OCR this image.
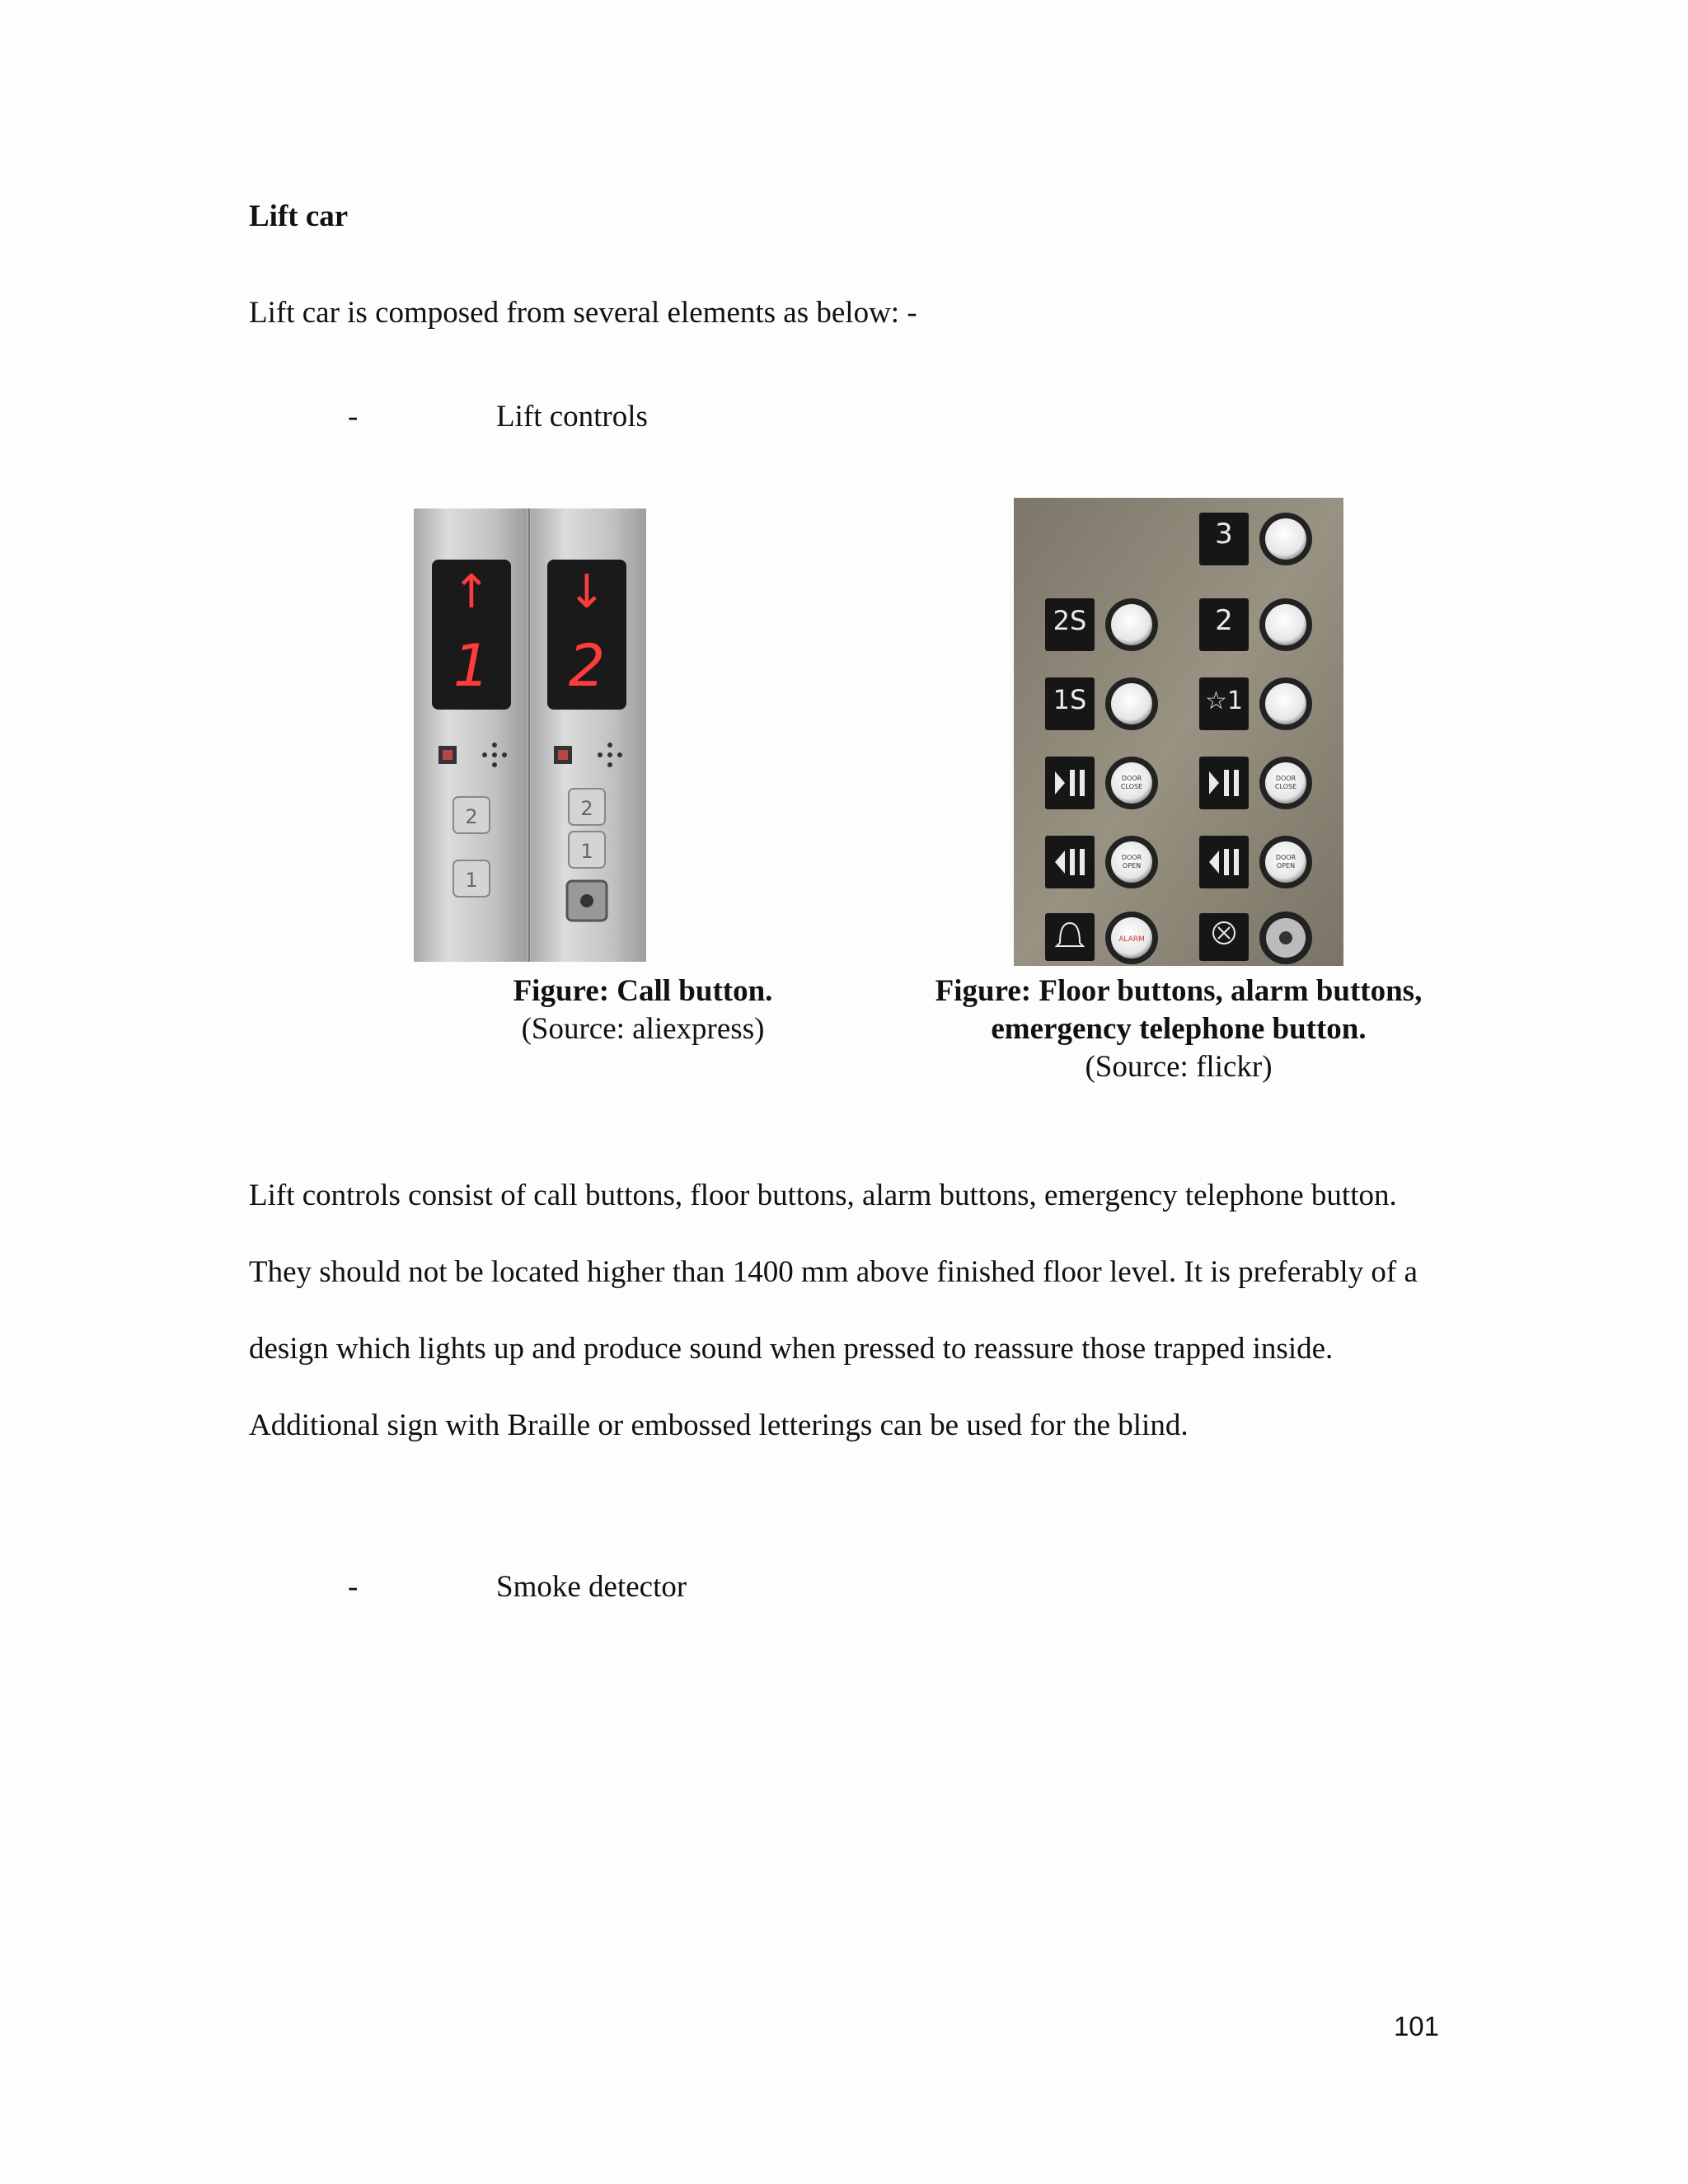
Lift car
Lift car is composed from several elements as below: -
-	Lift controls
↑
1
↓
2
2
1
2
1
3
2S	2
1S	☆1
DOOR
CLOSE
DOOR
CLOSE
DOOR
OPEN
DOOR
OPEN
ALARM
Figure: Call button.
(Source: aliexpress)
Figure: Floor buttons, alarm buttons, emergency telephone button.
(Source: flickr)

Lift controls consist of call buttons, floor buttons, alarm buttons, emergency telephone button. They should not be located higher than 1400 mm above finished floor level. It is preferably of a design which lights up and produce sound when pressed to reassure those trapped inside. Additional sign with Braille or embossed letterings can be used for the blind.

-	Smoke detector
101
